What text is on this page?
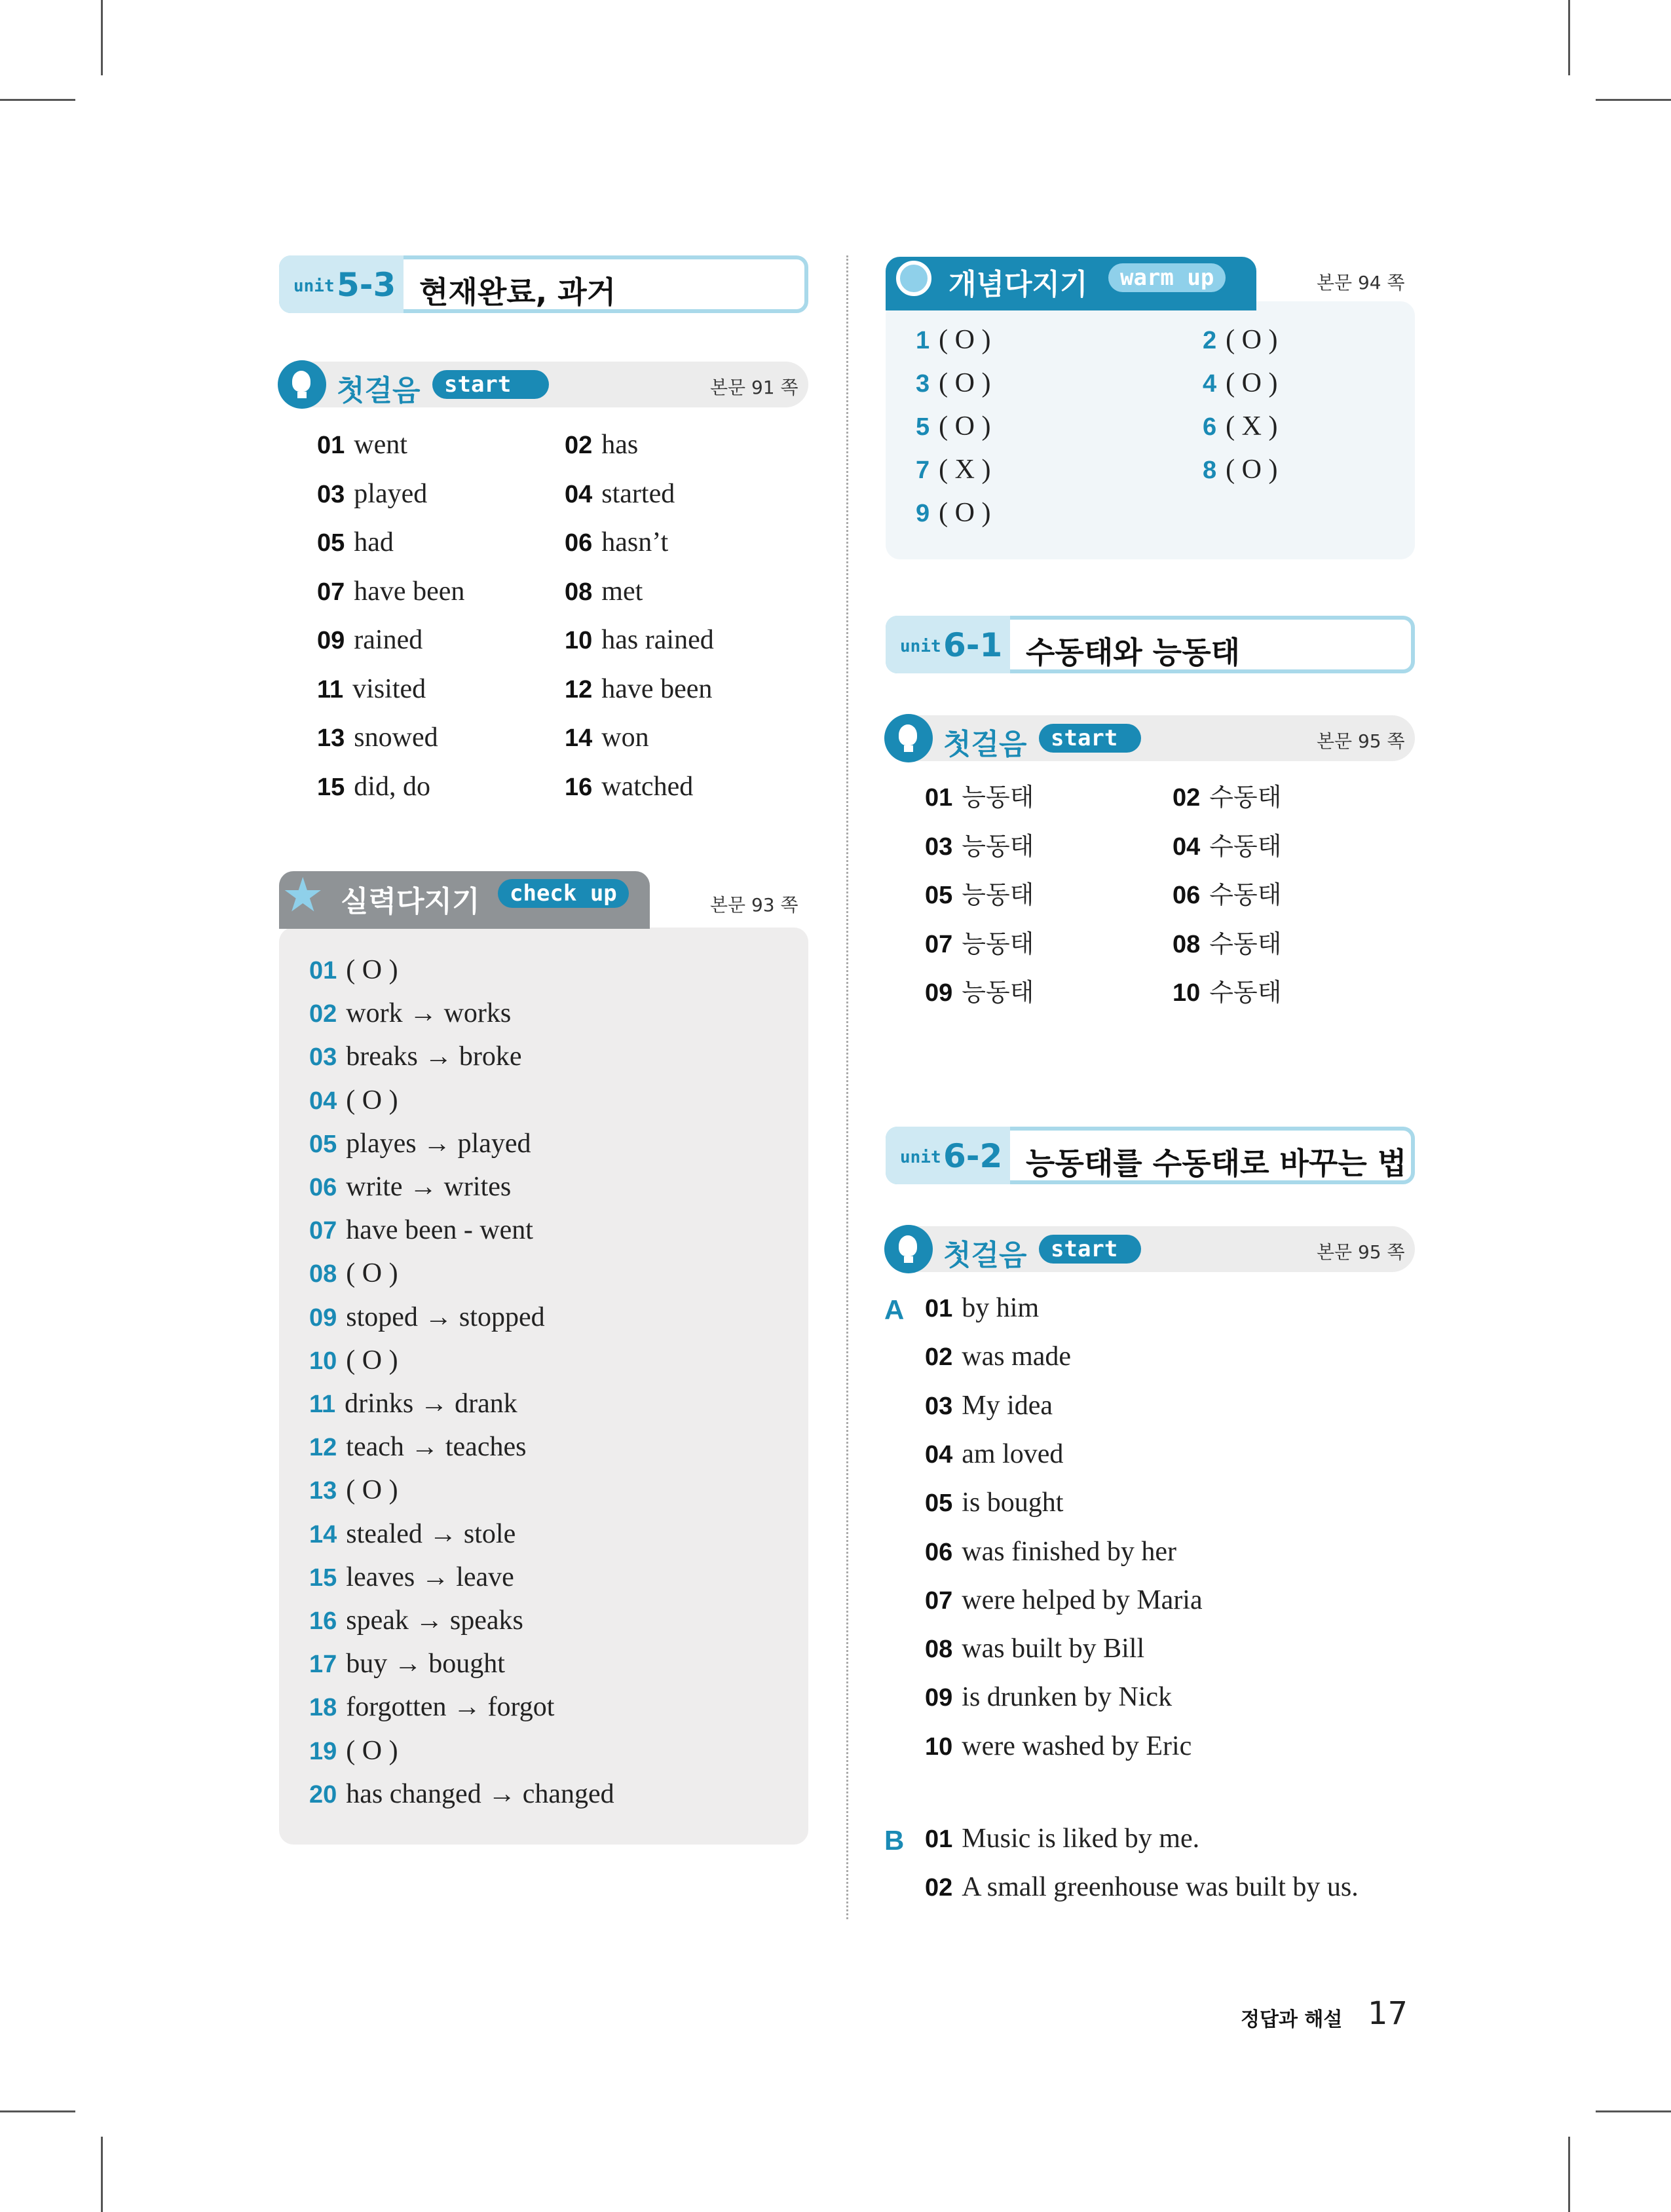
unit 5-3 현재완료, 과거
첫걸음	start	본문 91 쪽
01 went	02 has
03 played	04 started
05 had	06 hasn’t
07 have been	08 met
09 rained	10 has rained
11 visited	12 have been
13 snowed	14 won
15 did, do	16 watched
★ 실력다지기	check up	본문 93 쪽
01 ( O )
02 work → works
03 breaks → broke
04 ( O )
05 playes → played
06 write → writes
07 have been - went
08 ( O )
09 stoped → stopped
10 ( O )
11 drinks → drank
12 teach → teaches
13 ( O )
14 stealed → stole
15 leaves → leave
16 speak → speaks
17 buy → bought
18 forgotten → forgot
19 ( O )
20 has changed → changed
개념다지기	warm up	본문 94 쪽
1 ( O )	2 ( O )
3 ( O )	4 ( O )
5 ( O )	6 ( X )
7 ( X )	8 ( O )
9 ( O )
unit 6-1 수동태와 능동태
첫걸음	start	본문 95 쪽
01 능동태	02 수동태
03 능동태	04 수동태
05 능동태	06 수동태
07 능동태	08 수동태
09 능동태	10 수동태
unit 6-2 능동태를 수동태로 바꾸는 법
첫걸음	start	본문 95 쪽
A
B
01 by him
02 was made
03 My idea
04 am loved
05 is bought
06 was finished by her
07 were helped by Maria
08 was built by Bill
09 is drunken by Nick
10 were washed by Eric
01 Music is liked by me.
02 A small greenhouse was built by us.
정답과 해설 17
